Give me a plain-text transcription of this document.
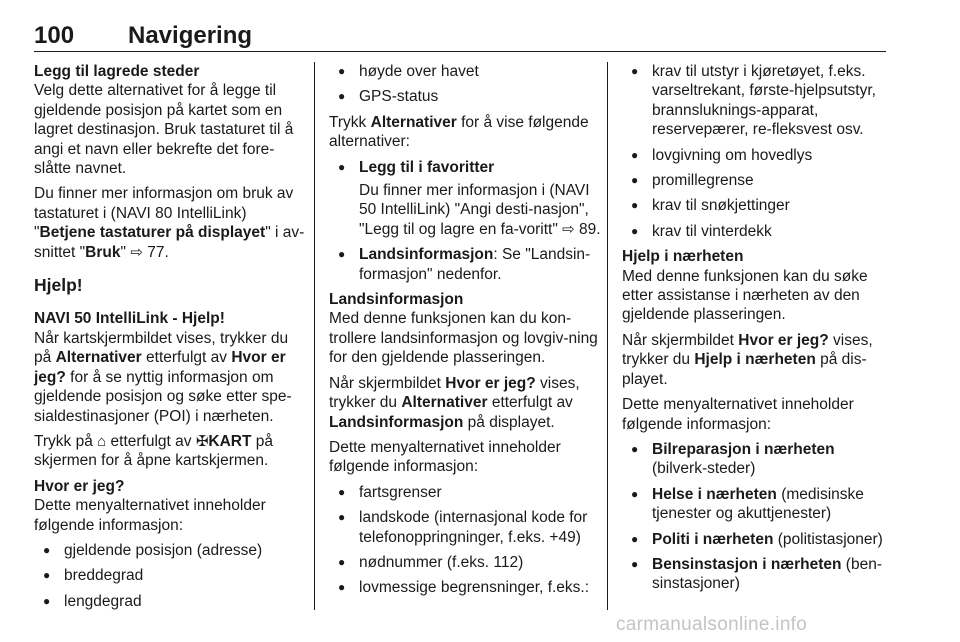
100 Navigering

Legg til lagrede steder

Velg dette alternativet for å legge til gjeldende posisjon på kartet som en lagret destinasjon. Bruk tastaturet til å angi et navn eller bekrefte det fore-slåtte navnet.

Du finner mer informasjon om bruk av tastaturet i (NAVI 80 IntelliLink) "Betjene tastaturer på displayet" i av-snittet "Bruk" ⇨ 77.

Hjelp!

NAVI 50 IntelliLink - Hjelp!

Når kartskjermbildet vises, trykker du på Alternativer etterfulgt av Hvor er jeg? for å se nyttig informasjon om gjeldende posisjon og søke etter spe-sialdestinasjoner (POI) i nærheten.

Trykk på ⌂ etterfulgt av ✠KART på skjermen for å åpne kartskjermen.

Hvor er jeg?

Dette menyalternativet inneholder følgende informasjon:

● gjeldende posisjon (adresse)
● breddegrad
● lengdegrad
● høyde over havet
● GPS-status

Trykk Alternativer for å vise følgende alternativer:

● Legg til i favoritter
Du finner mer informasjon i (NAVI 50 IntelliLink) "Angi desti-nasjon", "Legg til og lagre en fa-voritt" ⇨ 89.
● Landsinformasjon: Se "Landsin-formasjon" nedenfor.

Landsinformasjon

Med denne funksjonen kan du kon-trollere landsinformasjon og lovgiv-ning for den gjeldende plasseringen.

Når skjermbildet Hvor er jeg? vises, trykker du Alternativer etterfulgt av Landsinformasjon på displayet.

Dette menyalternativet inneholder følgende informasjon:

● fartsgrenser
● landskode (internasjonal kode for telefonoppringninger, f.eks. +49)
● nødnummer (f.eks. 112)
● lovmessige begrensninger, f.eks.:
● krav til utstyr i kjøretøyet, f.eks. varseltrekant, første-hjelpsutstyr, brannsluknings-apparat, reservepærer, re-fleksvest osv.
● lovgivning om hovedlys
● promillegrense
● krav til snøkjettinger
● krav til vinterdekk

Hjelp i nærheten

Med denne funksjonen kan du søke etter assistanse i nærheten av den gjeldende plasseringen.

Når skjermbildet Hvor er jeg? vises, trykker du Hjelp i nærheten på dis-playet.

Dette menyalternativet inneholder følgende informasjon:

● Bilreparasjon i nærheten (bilverk-steder)
● Helse i nærheten (medisinske tjenester og akuttjenester)
● Politi i nærheten (politistasjoner)
● Bensinstasjon i nærheten (ben-sinstasjoner)
carmanualsonline.info
